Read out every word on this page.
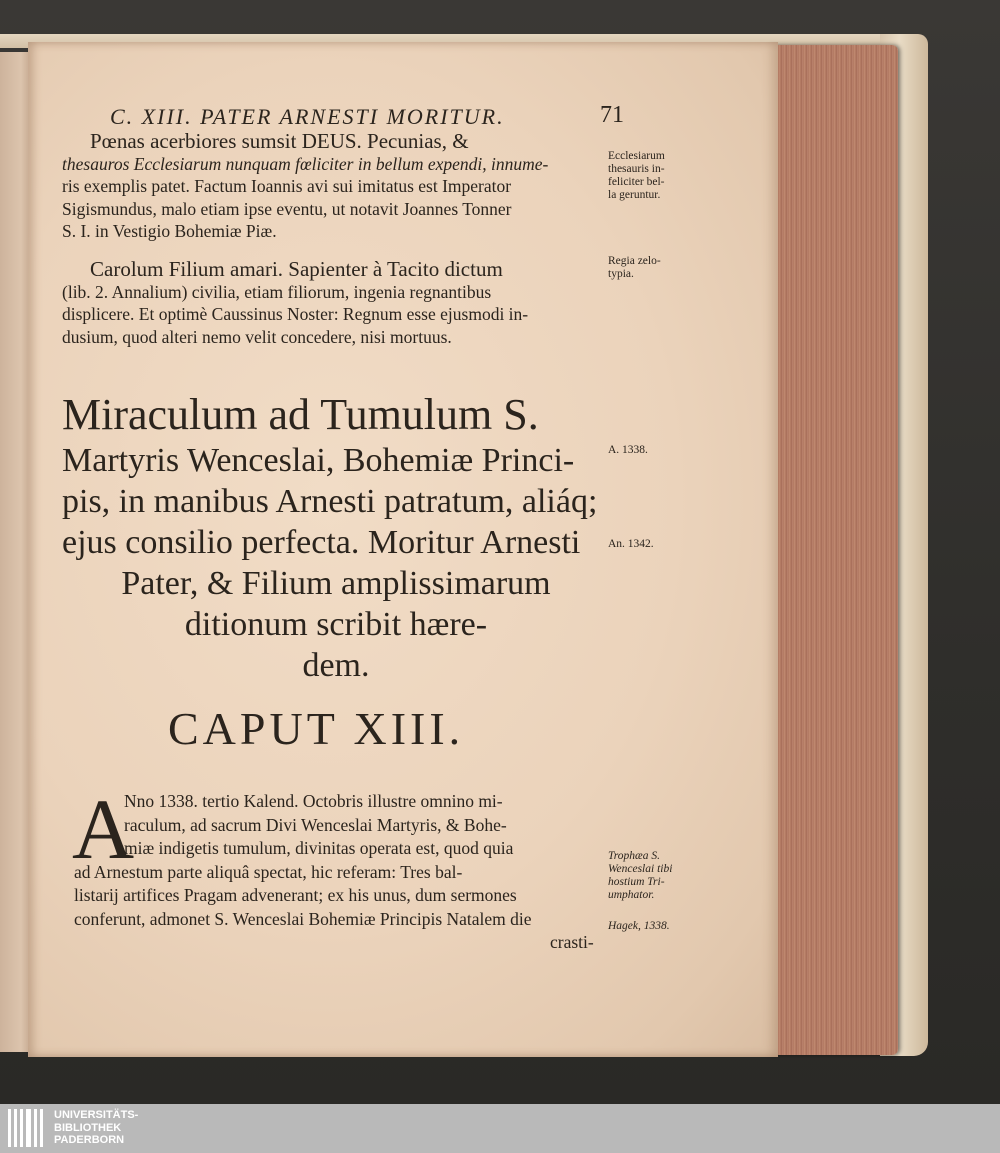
C. XIII. PATER ARNESTI MORITUR.	71
Pœnas acerbiores sumsit DEUS. Pecunias, &
thesauros Ecclesiarum nunquam fœliciter in bellum expendi, innume-
ris exemplis patet. Factum Ioannis avi sui imitatus est Imperator
Sigismundus, malo etiam ipse eventu, ut notavit Joannes Tonner
S. I. in Vestigio Bohemiæ Piæ.
Carolum Filium amari. Sapienter à Tacito dictum
(lib. 2. Annalium) civilia, etiam filiorum, ingenia regnantibus
displicere. Et optimè Caussinus Noster: Regnum esse ejusmodi in-
dusium, quod alteri nemo velit concedere, nisi mortuus.
Miraculum ad Tumulum S.
Martyris Wenceslai, Bohemiæ Princi-
pis, in manibus Arnesti patratum, aliáq;
ejus consilio perfecta. Moritur Arnesti
Pater, & Filium amplissimarum
ditionum scribit hære-
dem.
CAPUT XIII.
A
Nno 1338. tertio Kalend. Octobris illustre omnino mi-
raculum, ad sacrum Divi Wenceslai Martyris, & Bohe-
miæ indigetis tumulum, divinitas operata est, quod quia
ad Arnestum parte aliquâ spectat, hic referam: Tres bal-
listarij artifices Pragam advenerant; ex his unus, dum sermones
conferunt, admonet S. Wenceslai Bohemiæ Principis Natalem die
crasti-
Ecclesiarum
thesauris in-
feliciter bel-
la geruntur.
Regia zelo-
typia.
A. 1338.
An. 1342.
Trophæa S.
Wenceslai tibi
hostium Tri-
umphator.
Hagek, 1338.
UNIVERSITÄTS-
BIBLIOTHEK
PADERBORN
